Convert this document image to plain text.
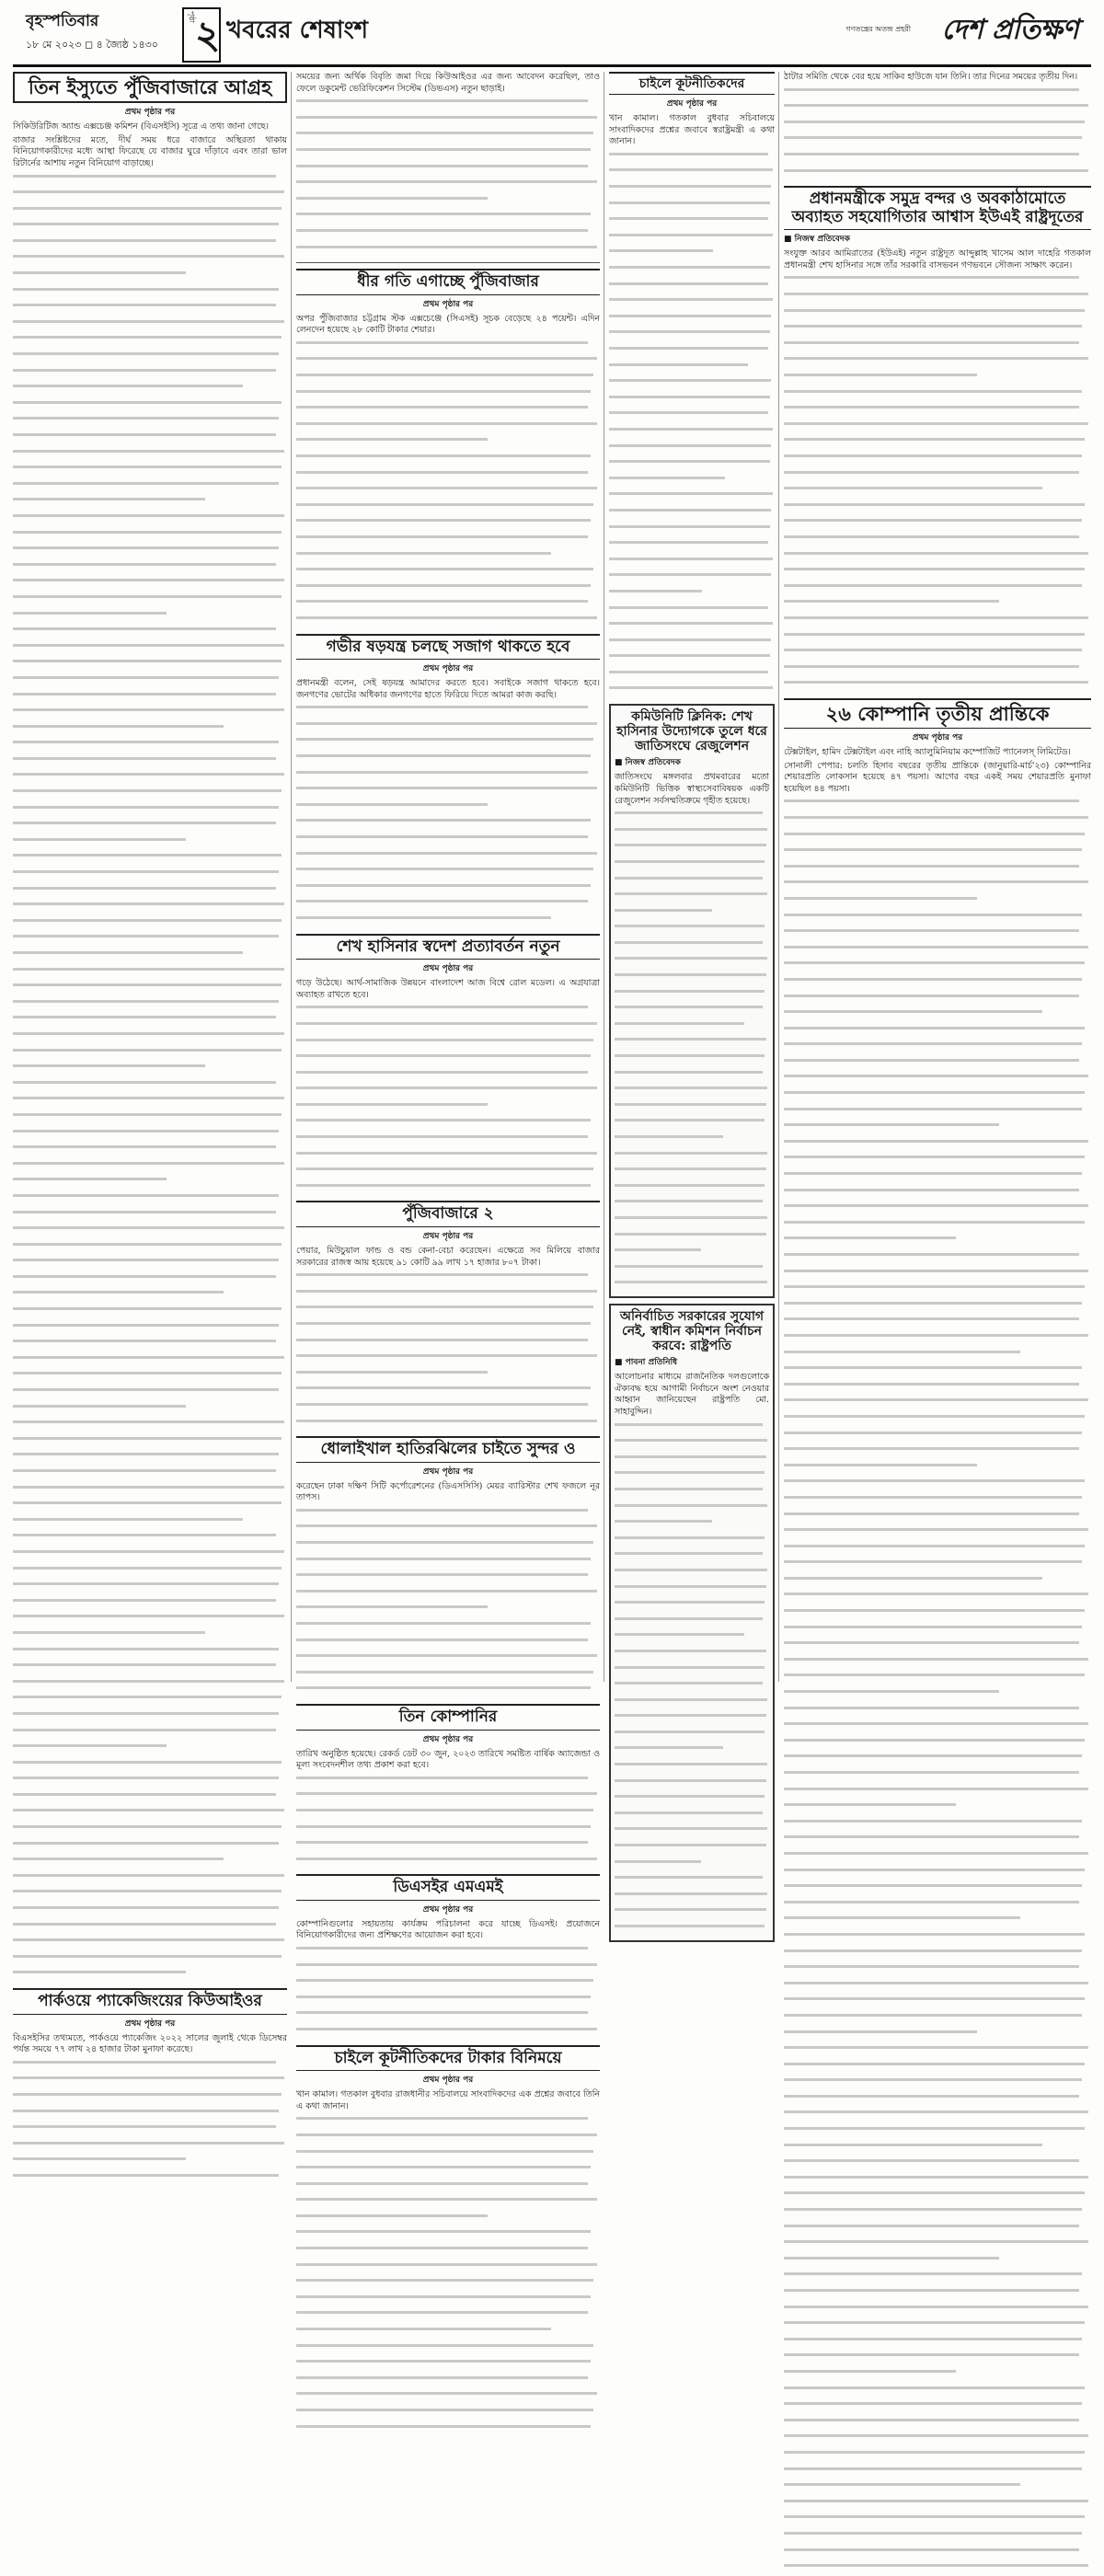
বৃহস্পতিবার
১৮ মে ২০২৩ ◻ ৪ জ্যৈষ্ঠ ১৪৩০
পৃষ্ঠা ২ খবরের শেষাংশ	গণতন্ত্রের অতন্দ্র প্রহরী দেশ প্রতিক্ষণ
তিন ইস্যুতে পুঁজিবাজারে আগ্রহ
প্রথম পৃষ্ঠার পর

সিকিউরিটিজ অ্যান্ড এক্সচেঞ্জ কমিশন (বিএসইসি) সূত্রে এ তথ্য জানা গেছে।

বাজার সংশ্লিষ্টদের মতে, দীর্ঘ সময় ধরে বাজারে অস্থিরতা থাকায় বিনিয়োগকারীদের মধ্যে আস্থা ফিরেছে যে বাজার ঘুরে দাঁড়াবে এবং তারা ভাল রিটার্নের আশায় নতুন বিনিয়োগ বাড়াচ্ছে।

পার্কওয়ে প্যাকেজিংয়ের কিউআইওর
প্রথম পৃষ্ঠার পর

বিএসইসির তথ্যমতে, পার্কওয়ে প্যাকেজিং ২০২২ সালের জুলাই থেকে ডিসেম্বর পর্যন্ত সময়ে ৭৭ লাখ ২৪ হাজার টাকা মুনাফা করেছে।

সময়ের জন্য অর্থিক বিবৃতি জমা দিয়ে কিউআইওর এর জন্য আবেদন করেছিল, তাও ফেলে ডকুমেন্ট ভেরিফিকেশন সিস্টেম (ডিভএস) নতুন ছাড়াই।

ধীর গতি এগাচ্ছে পুঁজিবাজার
প্রথম পৃষ্ঠার পর

অপর পুঁজিবাজার চট্টগ্রাম স্টক এক্সচেঞ্জে (সিএসই) সূচক বেড়েছে ২৪ পয়েন্ট। এদিন লেনদেন হয়েছে ২৮ কোটি টাকার শেয়ার।

গভীর ষড়যন্ত্র চলছে সজাগ থাকতে হবে
প্রথম পৃষ্ঠার পর

প্রধানমন্ত্রী বলেন, সেই ষড়যন্ত্র আমাদের করতে হবে। সবাইকে সজাগ থাকতে হবে। জনগণের ভোটের অধিকার জনগণের হাতে ফিরিয়ে দিতে আমরা কাজ করছি।

শেখ হাসিনার স্বদেশ প্রত্যাবর্তন নতুন
প্রথম পৃষ্ঠার পর

গড়ে উঠেছে। আর্থ-সামাজিক উন্নয়নে বাংলাদেশ আজ বিশ্বে রোল মডেল। এ অগ্রযাত্রা অব্যাহত রাখতে হবে।

পুঁজিবাজারে ২
প্রথম পৃষ্ঠার পর

পেয়ার, মিউচুয়াল ফান্ড ও বন্ড কেনা-বেচা করেছেন। এক্ষেত্রে সব মিলিয়ে বাজার সরকারের রাজস্ব আয় হয়েছে ৯১ কোটি ৯৯ লাখ ১৭ হাজার ৮০৭ টাকা।

ধোলাইখাল হাতিরঝিলের চাইতে সুন্দর ও
প্রথম পৃষ্ঠার পর

করেছেন ঢাকা দক্ষিণ সিটি কর্পোরেশনের (ডিএসসিসি) মেয়র ব্যারিস্টার শেখ ফজলে নূর তাপস।

তিন কোম্পানির
প্রথম পৃষ্ঠার পর

তারিখ অনুষ্ঠিত হয়েছে। রেকর্ড ডেট ৩০ জুন, ২০২৩ তারিখে সমষ্টিত বার্ষিক অ্যাজেন্ডা ও মূল্য সংবেদনশীল তথ্য প্রকাশ করা হবে।

ডিএসইর এমএমই
প্রথম পৃষ্ঠার পর

কোম্পানিগুলোর সহায়তায় কার্যক্রম পরিচালনা করে যাচ্ছে ডিএসই। প্রয়োজনে বিনিয়োগকারীদের জন্য প্রশিক্ষণের আয়োজন করা হবে।

চাইলে কূটনীতিকদের টাকার বিনিময়ে
প্রথম পৃষ্ঠার পর

খান কামাল। গতকাল বুধবার রাজধানীর সচিবালয়ে সাংবাদিকদের এক প্রশ্নের জবাবে তিনি এ কথা জানান।

চাইলে কূটনীতিকদের
প্রথম পৃষ্ঠার পর

খান কামাল। গতকাল বুধবার সচিবালয়ে সাংবাদিকদের প্রশ্নের জবাবে স্বরাষ্ট্রমন্ত্রী এ কথা জানান।

কমিউনিটি ক্লিনিক: শেখ হাসিনার উদ্যোগকে তুলে ধরে জাতিসংঘে রেজুলেশন
■ নিজস্ব প্রতিবেদক

জাতিসংঘে মঙ্গলবার প্রথমবারের মতো কমিউনিটি ভিত্তিক স্বাস্থ্যসেবাবিষয়ক একটি রেজুলেশন সর্বসম্মতিক্রমে গৃহীত হয়েছে।

অনির্বাচিত সরকারের সুযোগ নেই, স্বাধীন কমিশন নির্বাচন করবে: রাষ্ট্রপতি
■ পাবনা প্রতিনিধি

আলোচনার মাধ্যমে রাজনৈতিক দলগুলোকে ঐক্যবদ্ধ হয়ে আগামী নির্বাচনে অংশ নেওয়ার আহ্বান জানিয়েছেন রাষ্ট্রপতি মো. সাহাবুদ্দিন।

ঠাটার সমিতি থেকে বের হয়ে সাকিব হাউজে যান তিনি। তার দিনের সময়ের তৃতীয় দিন।

প্রধানমন্ত্রীকে সমুদ্র বন্দর ও অবকাঠামোতে অব্যাহত সহযোগিতার আশ্বাস ইউএই রাষ্ট্রদূতের
■ নিজস্ব প্রতিবেদক

সংযুক্ত আরব আমিরাতের (ইউএই) নতুন রাষ্ট্রদূত আব্দুল্লাহ খাসেম আল দাহেরি গতকাল প্রধানমন্ত্রী শেখ হাসিনার সঙ্গে তাঁর সরকারি বাসভবন গণভবনে সৌজন্য সাক্ষাৎ করেন।

২৬ কোম্পানি তৃতীয় প্রান্তিকে
প্রথম পৃষ্ঠার পর

টেক্সটাইল, হামিদ টেক্সটাইল এবং নাহি অ্যালুমিনিয়াম কম্পোজিট প্যানেলস্ লিমিটেড।

সোনালী পেপার: চলতি হিসাব বছরের তৃতীয় প্রান্তিকে (জানুয়ারি-মার্চ'২৩) কোম্পানির শেয়ারপ্রতি লোকসান হয়েছে ৪৭ পয়সা। আগের বছর একই সময় শেয়ারপ্রতি মুনাফা হয়েছিল ৪৪ পয়সা।
